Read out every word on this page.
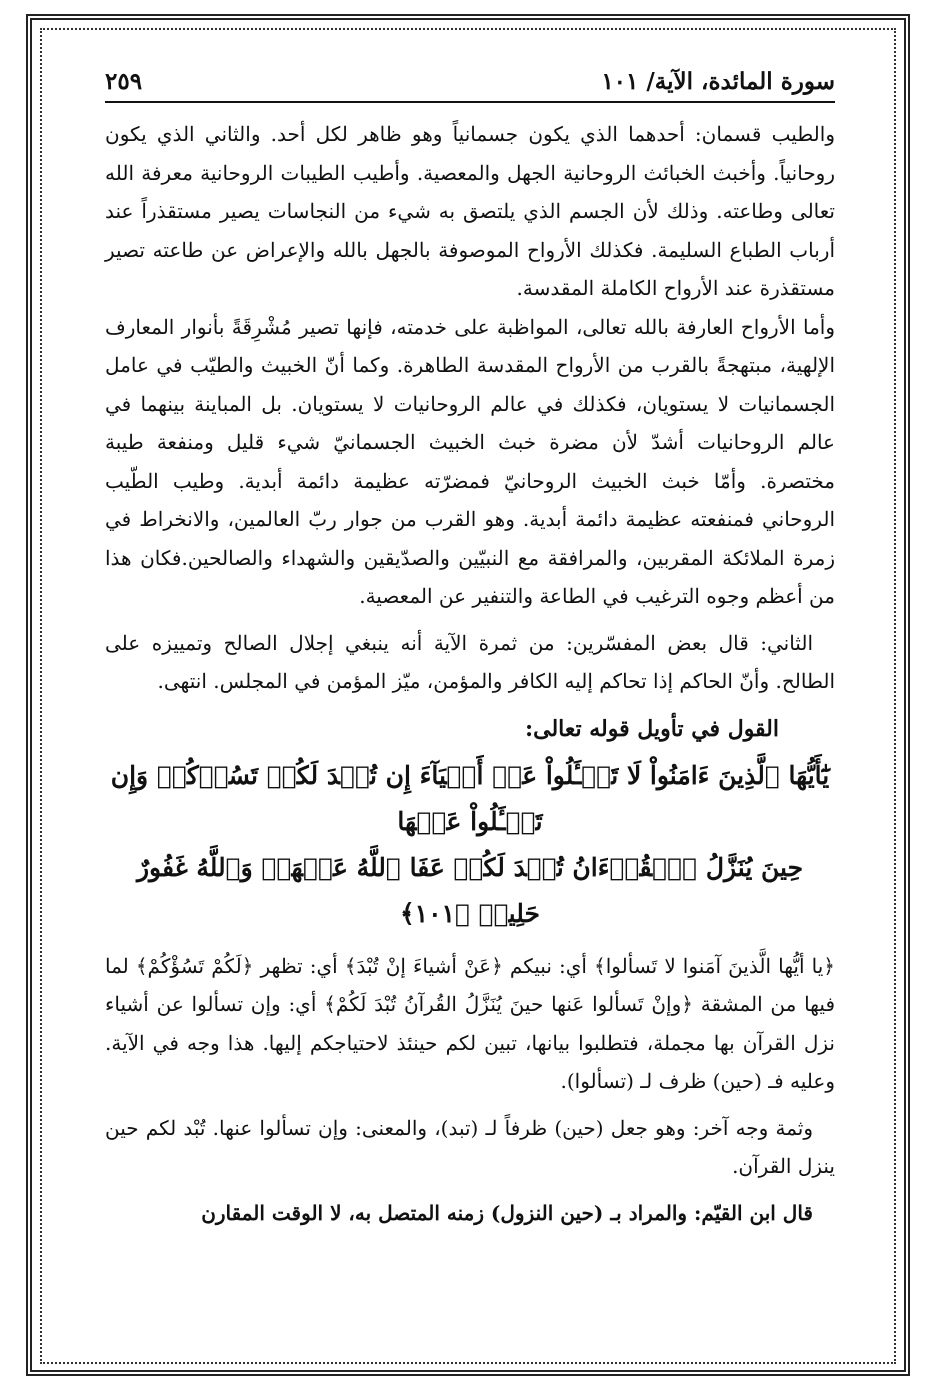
سورة المائدة، الآية/ ١٠١
٢٥٩

والطيب قسمان: أحدهما الذي يكون جسمانياً وهو ظاهر لكل أحد. والثاني الذي يكون روحانياً. وأخبث الخبائث الروحانية الجهل والمعصية. وأطيب الطيبات الروحانية معرفة الله تعالى وطاعته. وذلك لأن الجسم الذي يلتصق به شيء من النجاسات يصير مستقذراً عند أرباب الطباع السليمة. فكذلك الأرواح الموصوفة بالجهل بالله والإعراض عن طاعته تصير مستقذرة عند الأرواح الكاملة المقدسة.

وأما الأرواح العارفة بالله تعالى، المواظبة على خدمته، فإنها تصير مُشْرِقَةً بأنوار المعارف الإلهية، مبتهجةً بالقرب من الأرواح المقدسة الطاهرة. وكما أنّ الخبيث والطيّب في عامل الجسمانيات لا يستويان، فكذلك في عالم الروحانيات لا يستويان. بل المباينة بينهما في عالم الروحانيات أشدّ لأن مضرة خبث الخبيث الجسمانيّ شيء قليل ومنفعة طيبة مختصرة. وأمّا خبث الخبيث الروحانيّ فمضرّته عظيمة دائمة أبدية. وطيب الطّيب الروحاني فمنفعته عظيمة دائمة أبدية. وهو القرب من جوار ربّ العالمين، والانخراط في زمرة الملائكة المقربين، والمرافقة مع النبيّين والصدّيقين والشهداء والصالحين.فكان هذا من أعظم وجوه الترغيب في الطاعة والتنفير عن المعصية.

الثاني: قال بعض المفسّرين: من ثمرة الآية أنه ينبغي إجلال الصالح وتمييزه على الطالح. وأنّ الحاكم إذا تحاكم إليه الكافر والمؤمن، ميّز المؤمن في المجلس. انتهى.

القول في تأويل قوله تعالى:
يَٰٓأَيُّهَا ٱلَّذِينَ ءَامَنُواْ لَا تَسۡـَٔلُواْ عَنۡ أَشۡيَآءَ إِن تُبۡدَ لَكُمۡ تَسُؤۡكُمۡ وَإِن تَسۡـَٔلُواْ عَنۡهَا
حِينَ يُنَزَّلُ ٱلۡقُرۡءَانُ تُبۡدَ لَكُمۡ عَفَا ٱللَّهُ عَنۡهَاۗ وَٱللَّهُ غَفُورٌ حَلِيمٞ ﴿١٠١﴾

﴿يا أيُّها الَّذينَ آمَنوا لا تَسألوا﴾ أي: نبيكم ﴿عَنْ أشياءَ إنْ تُبْدَ﴾ أي: تظهر ﴿لَكُمْ تَسُؤْكُمْ﴾ لما فيها من المشقة ﴿وإنْ تَسألوا عَنها حينَ يُنَزَّلُ القُرآنُ تُبْدَ لَكُمْ﴾ أي: وإن تسألوا عن أشياء نزل القرآن بها مجملة، فتطلبوا بيانها، تبين لكم حينئذ لاحتياجكم إليها. هذا وجه في الآية. وعليه فـ (حين) ظرف لـ (تسألوا).

وثمة وجه آخر: وهو جعل (حين) ظرفاً لـ (تبد)، والمعنى: وإن تسألوا عنها. تُبْد لكم حين ينزل القرآن.

قال ابن القيّم: والمراد بـ (حين النزول) زمنه المتصل به، لا الوقت المقارن
